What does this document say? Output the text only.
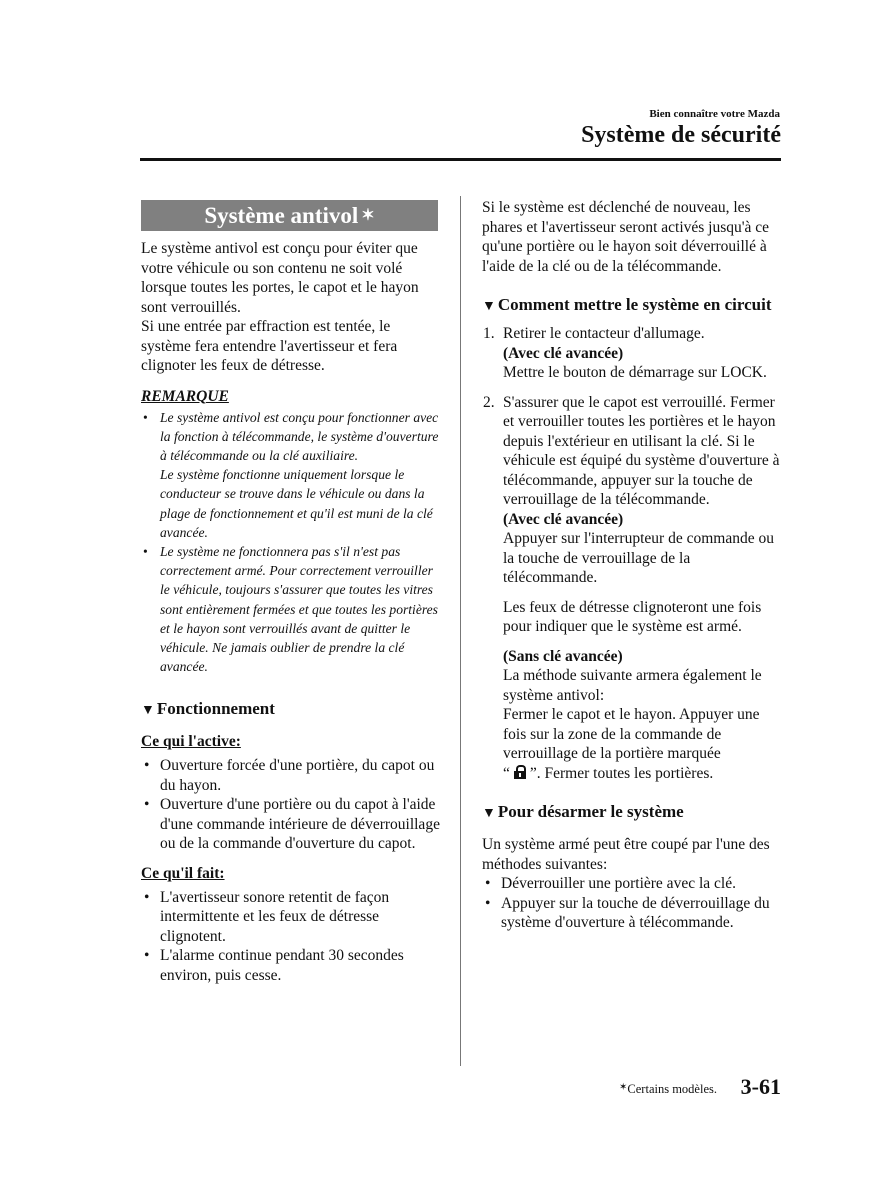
Bien connaître votre Mazda
Système de sécurité
Système antivol ✶

Le système antivol est conçu pour éviter que votre véhicule ou son contenu ne soit volé lorsque toutes les portes, le capot et le hayon sont verrouillés.

Si une entrée par effraction est tentée, le système fera entendre l'avertisseur et fera clignoter les feux de détresse.

REMARQUE
• Le système antivol est conçu pour fonctionner avec la fonction à télécommande, le système d'ouverture à télécommande ou la clé auxiliaire.
Le système fonctionne uniquement lorsque le conducteur se trouve dans le véhicule ou dans la plage de fonctionnement et qu'il est muni de la clé avancée.
• Le système ne fonctionnera pas s'il n'est pas correctement armé. Pour correctement verrouiller le véhicule, toujours s'assurer que toutes les vitres sont entièrement fermées et que toutes les portières et le hayon sont verrouillés avant de quitter le véhicule. Ne jamais oublier de prendre la clé avancée.
▼ Fonctionnement
Ce qui l'active:
• Ouverture forcée d'une portière, du capot ou du hayon.
• Ouverture d'une portière ou du capot à l'aide d'une commande intérieure de déverrouillage ou de la commande d'ouverture du capot.
Ce qu'il fait:
• L'avertisseur sonore retentit de façon intermittente et les feux de détresse clignotent.
• L'alarme continue pendant 30 secondes environ, puis cesse.

Si le système est déclenché de nouveau, les phares et l'avertisseur seront activés jusqu'à ce qu'une portière ou le hayon soit déverrouillé à l'aide de la clé ou de la télécommande.

▼ Comment mettre le système en circuit
1. Retirer le contacteur d'allumage.

(Avec clé avancée)

Mettre le bouton de démarrage sur LOCK.

2. S'assurer que le capot est verrouillé. Fermer et verrouiller toutes les portières et le hayon depuis l'extérieur en utilisant la clé. Si le véhicule est équipé du système d'ouverture à télécommande, appuyer sur la touche de verrouillage de la télécommande.

(Avec clé avancée)

Appuyer sur l'interrupteur de commande ou la touche de verrouillage de la télécommande.

Les feux de détresse clignoteront une fois pour indiquer que le système est armé.

(Sans clé avancée)

La méthode suivante armera également le système antivol:

Fermer le capot et le hayon. Appuyer une fois sur la zone de la commande de verrouillage de la portière marquée
“ ”. Fermer toutes les portières.

▼ Pour désarmer le système

Un système armé peut être coupé par l'une des méthodes suivantes:

• Déverrouiller une portière avec la clé.
• Appuyer sur la touche de déverrouillage du système d'ouverture à télécommande.
✶Certains modèles.	3-61
